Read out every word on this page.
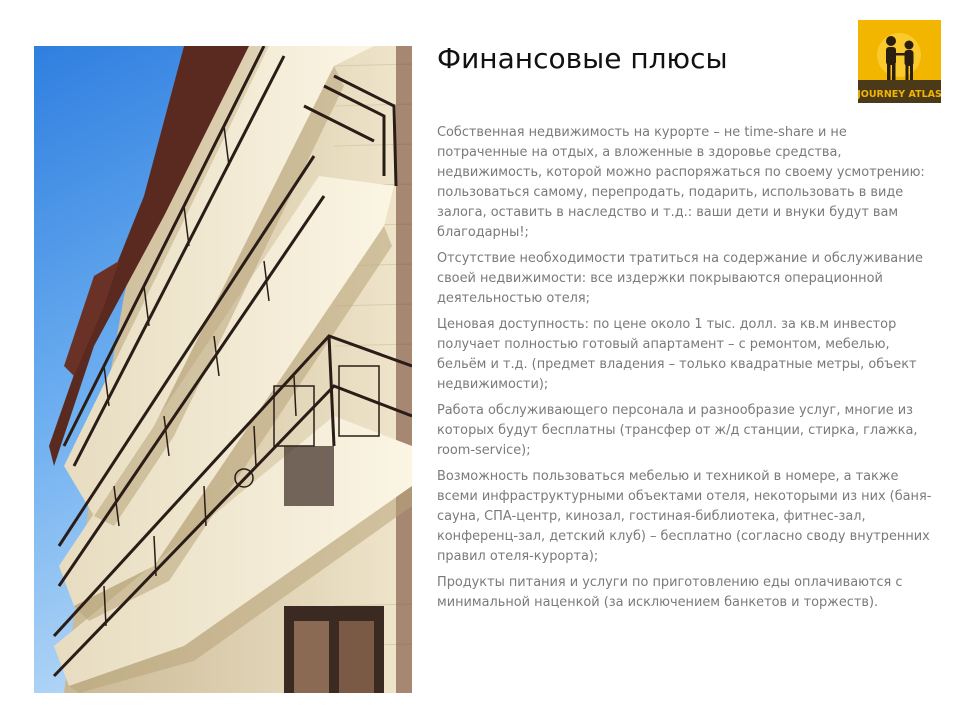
Финансовые плюсы
JOURNEY ATLAS

Собственная недвижимость на курорте – не time-share и не потраченные на отдых, а вложенные в здоровье средства, недвижимость, которой можно распоряжаться по своему усмотрению: пользоваться самому, перепродать, подарить, использовать в виде залога, оставить в наследство и т.д.: ваши дети и внуки будут вам благодарны!;

Отсутствие необходимости тратиться на содержание и обслуживание своей недвижимости: все издержки покрываются операционной деятельностью отеля;

Ценовая доступность: по цене около 1 тыс. долл. за кв.м инвестор получает полностью готовый апартамент – с ремонтом, мебелью, бельём и т.д. (предмет владения – только квадратные метры, объект недвижимости);

Работа обслуживающего персонала и разнообразие услуг, многие из которых будут бесплатны (трансфер от ж/д станции, стирка, глажка, room-service);

Возможность пользоваться мебелью и техникой в номере, а также всеми инфраструктурными объектами отеля, некоторыми из них (баня-сауна, СПА-центр, кинозал, гостиная-библиотека, фитнес-зал, конференц-зал, детский клуб) – бесплатно (согласно своду внутренних правил отеля-курорта);

Продукты питания и услуги по приготовлению еды оплачиваются с минимальной наценкой (за исключением банкетов и торжеств).
